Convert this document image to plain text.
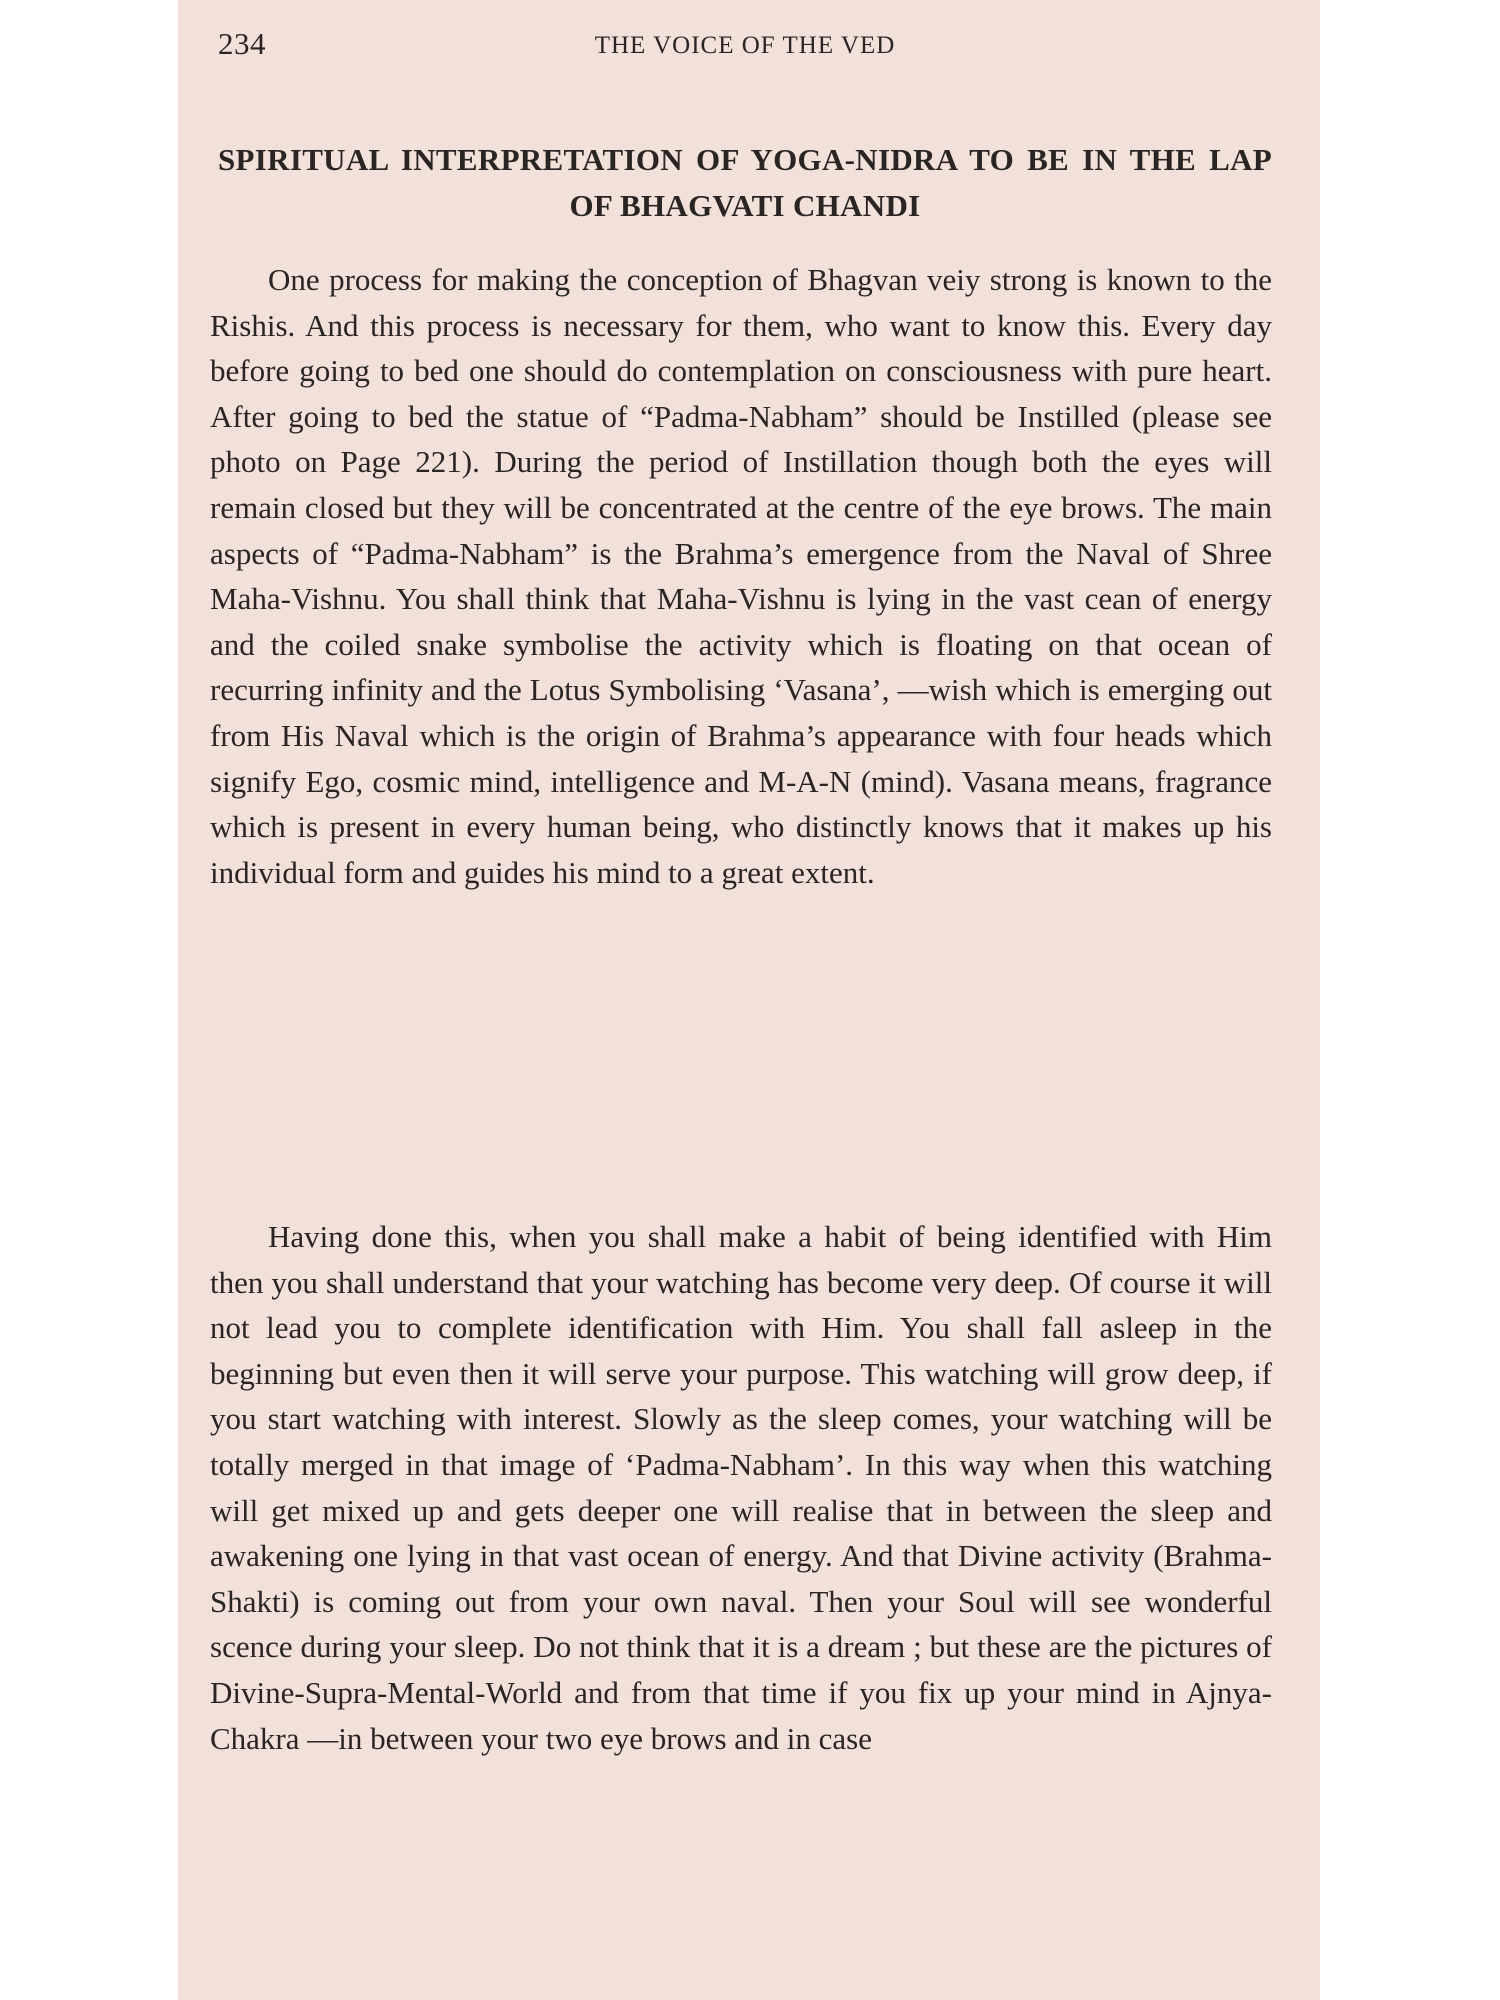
234	THE VOICE OF THE VED
SPIRITUAL INTERPRETATION OF YOGA-NIDRA TO BE IN THE LAP OF BHAGVATI CHANDI

One process for making the conception of Bhagvan veiy strong is known to the Rishis. And this process is necessary for them, who want to know this. Every day before going to bed one should do contemplation on consciousness with pure heart. After going to bed the statue of “Padma-Nabham” should be Instilled (please see photo on Page 221). During the period of Instillation though both the eyes will remain closed but they will be concentrated at the centre of the eye brows. The main aspects of “Padma-Nabham” is the Brahma’s emergence from the Naval of Shree Maha-Vishnu. You shall think that Maha-Vishnu is lying in the vast cean of energy and the coiled snake symbolise the activity which is floating on that ocean of recurring infinity and the Lotus Symbolising ‘Vasana’, —wish which is emerging out from His Naval which is the origin of Brahma’s appearance with four heads which signify Ego, cosmic mind, intelligence and M-A-N (mind). Vasana means, fragrance which is present in every human being, who distinctly knows that it makes up his individual form and guides his mind to a great extent.

Having done this, when you shall make a habit of being identified with Him then you shall understand that your watching has become very deep. Of course it will not lead you to complete identification with Him. You shall fall asleep in the beginning but even then it will serve your purpose. This watching will grow deep, if you start watching with interest. Slowly as the sleep comes, your watching will be totally merged in that image of ‘Padma-Nabham’. In this way when this watching will get mixed up and gets deeper one will realise that in between the sleep and awakening one lying in that vast ocean of energy. And that Divine activity (Brahma-Shakti) is coming out from your own naval. Then your Soul will see wonderful scence during your sleep. Do not think that it is a dream ; but these are the pictures of Divine-Supra-Mental-World and from that time if you fix up your mind in Ajnya-Chakra —in between your two eye brows and in case
